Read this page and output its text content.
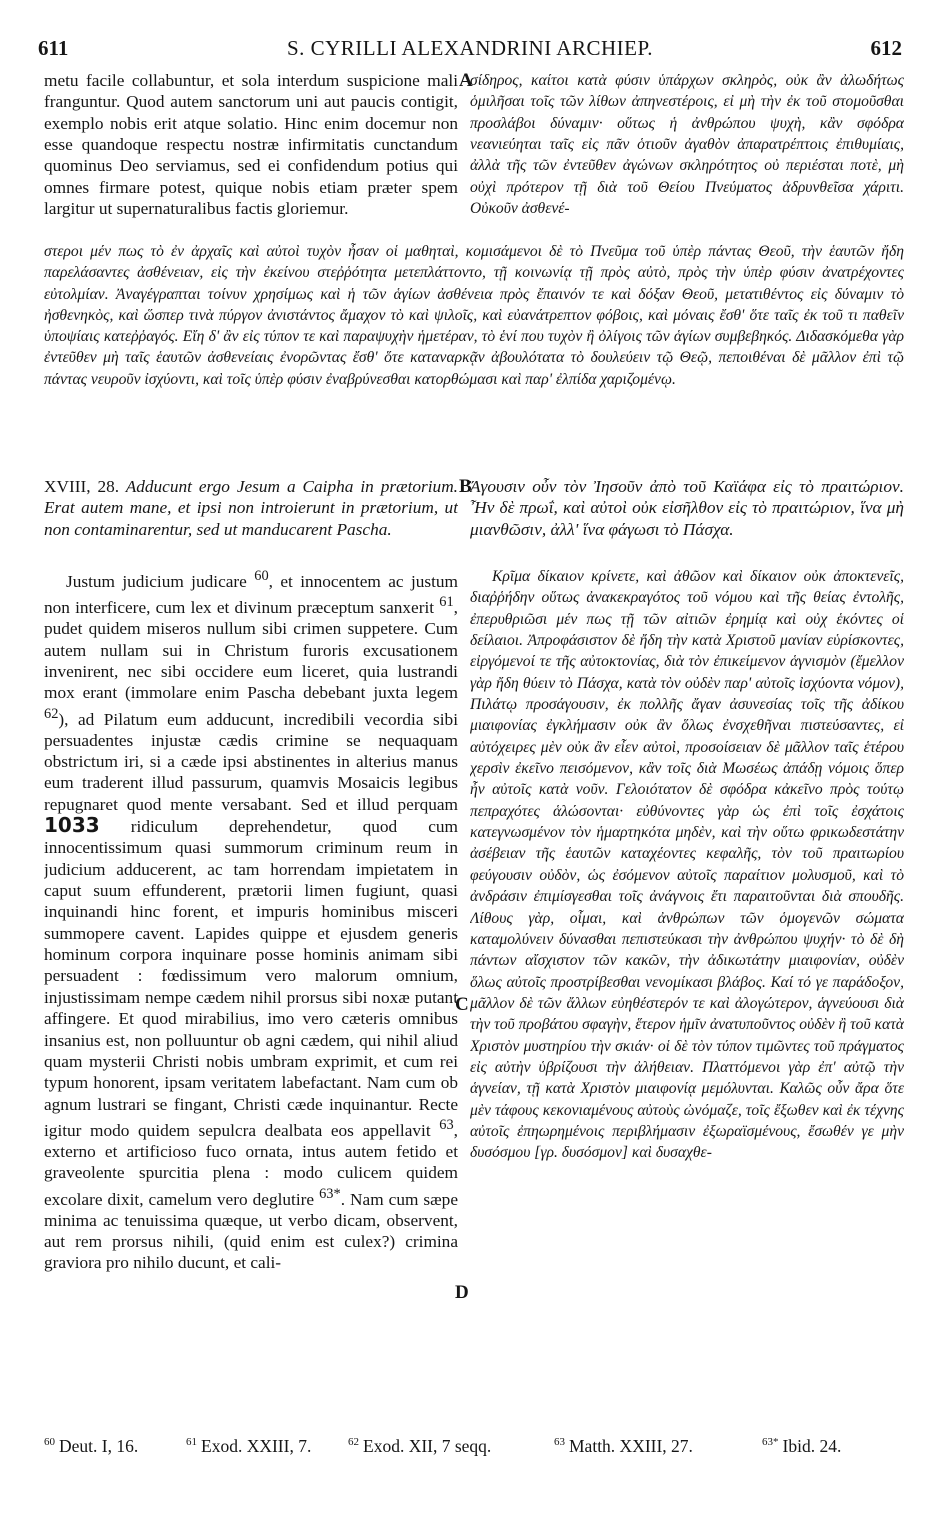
611	S. CYRILLI ALEXANDRINI ARCHIEP.	612
A
B
C
D
metu facile collabuntur, et sola interdum suspicione mali franguntur. Quod autem sanctorum uni aut paucis contigit, exemplo nobis erit atque solatio. Hinc enim docemur non esse quandoque respectu nostræ infirmitatis cunctandum quominus Deo serviamus, sed ei confidendum potius qui omnes firmare potest, quique nobis etiam præter spem largitur ut supernaturalibus factis gloriemur.
σίδηρος, καίτοι κατὰ φύσιν ὑπάρχων σκληρὸς, οὐκ ἂν ἀλωδήτως ὁμιλῆσαι τοῖς τῶν λίθων ἀπηνεστέροις, εἰ μὴ τὴν ἐκ τοῦ στομοῦσθαι προσλάβοι δύναμιν· οὕτως ἡ ἀνθρώπου ψυχὴ, κἂν σφόδρα νεανιεύηται ταῖς εἰς πᾶν ὁτιοῦν ἀγαθὸν ἀπαρατρέπτοις ἐπιθυμίαις, ἀλλὰ τῆς τῶν ἐντεῦθεν ἀγώνων σκληρότητος οὐ περιέσται ποτὲ, μὴ οὐχὶ πρότερον τῇ διὰ τοῦ Θείου Πνεύματος ἀδρυνθεῖσα χάριτι. Οὐκοῦν ἀσθενέ-
στεροι μέν πως τὸ ἐν ἀρχαῖς καὶ αὐτοὶ τυχὸν ἦσαν οἱ μαθηταὶ, κομισάμενοι δὲ τὸ Πνεῦμα τοῦ ὑπὲρ πάντας Θεοῦ, τὴν ἑαυτῶν ἤδη παρελάσαντες ἀσθένειαν, εἰς τὴν ἐκείνου στεῤῥότητα μετεπλάττοντο, τῇ κοινωνίᾳ τῇ πρὸς αὐτὸ, πρὸς τὴν ὑπὲρ φύσιν ἀνατρέχοντες εὐτολμίαν. Ἀναγέγραπται τοίνυν χρησίμως καὶ ἡ τῶν ἁγίων ἀσθένεια πρὸς ἔπαινόν τε καὶ δόξαν Θεοῦ, μετατιθέντος εἰς δύναμιν τὸ ἠσθενηκὸς, καὶ ὥσπερ τινὰ πύργον ἀνιστάντος ἄμαχον τὸ καὶ ψιλοῖς, καὶ εὐανάτρεπτον φόβοις, καὶ μόναις ἔσθ' ὅτε ταῖς ἐκ τοῦ τι παθεῖν ὑποψίαις κατεῤῥαγός. Εἴη δ' ἂν εἰς τύπον τε καὶ παραψυχὴν ἡμετέραν, τὸ ἑνί που τυχὸν ἢ ὀλίγοις τῶν ἁγίων συμβεβηκός. Διδασκόμεθα γὰρ ἐντεῦθεν μὴ ταῖς ἑαυτῶν ἀσθενείαις ἐνορῶντας ἔσθ' ὅτε καταναρκᾷν ἀβουλότατα τὸ δουλεύειν τῷ Θεῷ, πεποιθέναι δὲ μᾶλλον ἐπὶ τῷ πάντας νευροῦν ἰσχύοντι, καὶ τοῖς ὑπὲρ φύσιν ἐναβρύνεσθαι κατορθώμασι καὶ παρ' ἐλπίδα χαριζομένῳ.
XVIII, 28. Adducunt ergo Jesum a Caipha in prætorium. Erat autem mane, et ipsi non introierunt in prætorium, ut non contaminarentur, sed ut manducarent Pascha.
Ἄγουσιν οὖν τὸν Ἰησοῦν ἀπὸ τοῦ Καϊάφα εἰς τὸ πραιτώριον. Ἦν δὲ πρωΐ, καὶ αὐτοὶ οὐκ εἰσῆλθον εἰς τὸ πραιτώριον, ἵνα μὴ μιανθῶσιν, ἀλλ' ἵνα φάγωσι τὸ Πάσχα.
Justum judicium judicare $^{60}$, et innocentem ac justum non interficere, cum lex et divinum præceptum sanxerit $^{61}$, pudet quidem miseros nullum sibi crimen suppetere. Cum autem nullam sui in Christum furoris excusationem invenirent, nec sibi occidere eum liceret, quia lustrandi mox erant (immolare enim Pascha debebant juxta legem $^{62}$), ad Pilatum eum adducunt, incredibili vecordia sibi persuadentes injustæ cædis crimine se nequaquam obstrictum iri, si a cæde ipsi abstinentes in alterius manus eum traderent illud passurum, quamvis Mosaicis legibus repugnaret quod mente versabant. Sed et illud perquam 1033 ridiculum deprehendetur, quod cum innocentissimum quasi summorum criminum reum in judicium adducerent, ac tam horrendam impietatem in caput suum effunderent, prætorii limen fugiunt, quasi inquinandi hinc forent, et impuris hominibus misceri summopere cavent. Lapides quippe et ejusdem generis hominum corpora inquinare posse hominis animam sibi persuadent : fœdissimum vero malorum omnium, injustissimam nempe cædem nihil prorsus sibi noxæ putant affingere. Et quod mirabilius, imo vero cæteris omnibus insanius est, non polluuntur ob agni cædem, qui nihil aliud quam mysterii Christi nobis umbram exprimit, et cum rei typum honorent, ipsam veritatem labefactant. Nam cum ob agnum lustrari se fingant, Christi cæde inquinantur. Recte igitur modo quidem sepulcra dealbata eos appellavit $^{63}$, externo et artificioso fuco ornata, intus autem fetido et graveolente spurcitia plena : modo culicem quidem excolare dixit, camelum vero deglutire $^{63*}$. Nam cum sæpe minima ac tenuissima quæque, ut verbo dicam, observent, aut rem prorsus nihili, (quid enim est culex?) crimina graviora pro nihilo ducunt, et cali-
Κρῖμα δίκαιον κρίνετε, καὶ ἀθῶον καὶ δίκαιον οὐκ ἀποκτενεῖς, διαῤῥήδην οὕτως ἀνακεκραγότος τοῦ νόμου καὶ τῆς θείας ἐντολῆς, ἐπερυθριῶσι μέν πως τῇ τῶν αἰτιῶν ἐρημίᾳ καὶ οὐχ ἑκόντες οἱ δείλαιοι. Ἀπροφάσιστον δὲ ἤδη τὴν κατὰ Χριστοῦ μανίαν εὑρίσκοντες, εἰργόμενοί τε τῆς αὐτοκτονίας, διὰ τὸν ἐπικείμενον ἁγνισμὸν (ἔμελλον γὰρ ἤδη θύειν τὸ Πάσχα, κατὰ τὸν οὐδὲν παρ' αὐτοῖς ἰσχύοντα νόμον), Πιλάτῳ προσάγουσιν, ἐκ πολλῆς ἄγαν ἀσυνεσίας τοῖς τῆς ἀδίκου μιαιφονίας ἐγκλήμασιν οὐκ ἂν ὅλως ἐνσχεθῆναι πιστεύσαντες, εἰ αὐτόχειρες μὲν οὐκ ἂν εἶεν αὐτοὶ, προσοίσειαν δὲ μᾶλλον ταῖς ἑτέρου χερσὶν ἐκεῖνο πεισόμενον, κἂν τοῖς διὰ Μωσέως ἀπάδῃ νόμοις ὅπερ ἦν αὐτοῖς κατὰ νοῦν. Γελοιότατον δὲ σφόδρα κἀκεῖνο πρὸς τούτῳ πεπραχότες ἁλώσονται· εὐθύνοντες γὰρ ὡς ἐπὶ τοῖς ἐσχάτοις κατεγνωσμένον τὸν ἡμαρτηκότα μηδὲν, καὶ τὴν οὕτω φρικωδεστάτην ἀσέβειαν τῆς ἑαυτῶν καταχέοντες κεφαλῆς, τὸν τοῦ πραιτωρίου φεύγουσιν οὐδὸν, ὡς ἐσόμενον αὐτοῖς παραίτιον μολυσμοῦ, καὶ τὸ ἀνδράσιν ἐπιμίσγεσθαι τοῖς ἀνάγνοις ἔτι παραιτοῦνται διὰ σπουδῆς. Λίθους γὰρ, οἶμαι, καὶ ἀνθρώπων τῶν ὁμογενῶν σώματα καταμολύνειν δύνασθαι πεπιστεύκασι τὴν ἀνθρώπου ψυχήν· τὸ δὲ δὴ πάντων αἴσχιστον τῶν κακῶν, τὴν ἀδικωτάτην μιαιφονίαν, οὐδὲν ὅλως αὐτοῖς προστρίβεσθαι νενομίκασι βλάβος. Καί τό γε παράδοξον, μᾶλλον δὲ τῶν ἄλλων εὐηθέστερόν τε καὶ ἀλογώτερον, ἁγνεύουσι διὰ τὴν τοῦ προβάτου σφαγὴν, ἕτερον ἡμῖν ἀνατυποῦντος οὐδὲν ἢ τοῦ κατὰ Χριστὸν μυστηρίου τὴν σκιάν· οἱ δὲ τὸν τύπον τιμῶντες τοῦ πράγματος εἰς αὐτὴν ὑβρίζουσι τὴν ἀλήθειαν. Πλαττόμενοι γὰρ ἐπ' αὐτῷ τὴν ἁγνείαν, τῇ κατὰ Χριστὸν μιαιφονίᾳ μεμόλυνται. Καλῶς οὖν ἄρα ὅτε μὲν τάφους κεκονιαμένους αὐτοὺς ὠνόμαζε, τοῖς ἔξωθεν καὶ ἐκ τέχνης αὐτοῖς ἐπηωρημένοις περιβλήμασιν ἐξωραϊσμένους, ἔσωθέν γε μὴν δυσόσμου [γρ. δυσόσμον] καὶ δυσαχθε-
$^{60}$ Deut. I, 16.	$^{61}$ Exod. XXIII, 7.	$^{62}$ Exod. XII, 7 seqq.	$^{63}$ Matth. XXIII, 27.	$^{63*}$ Ibid. 24.
